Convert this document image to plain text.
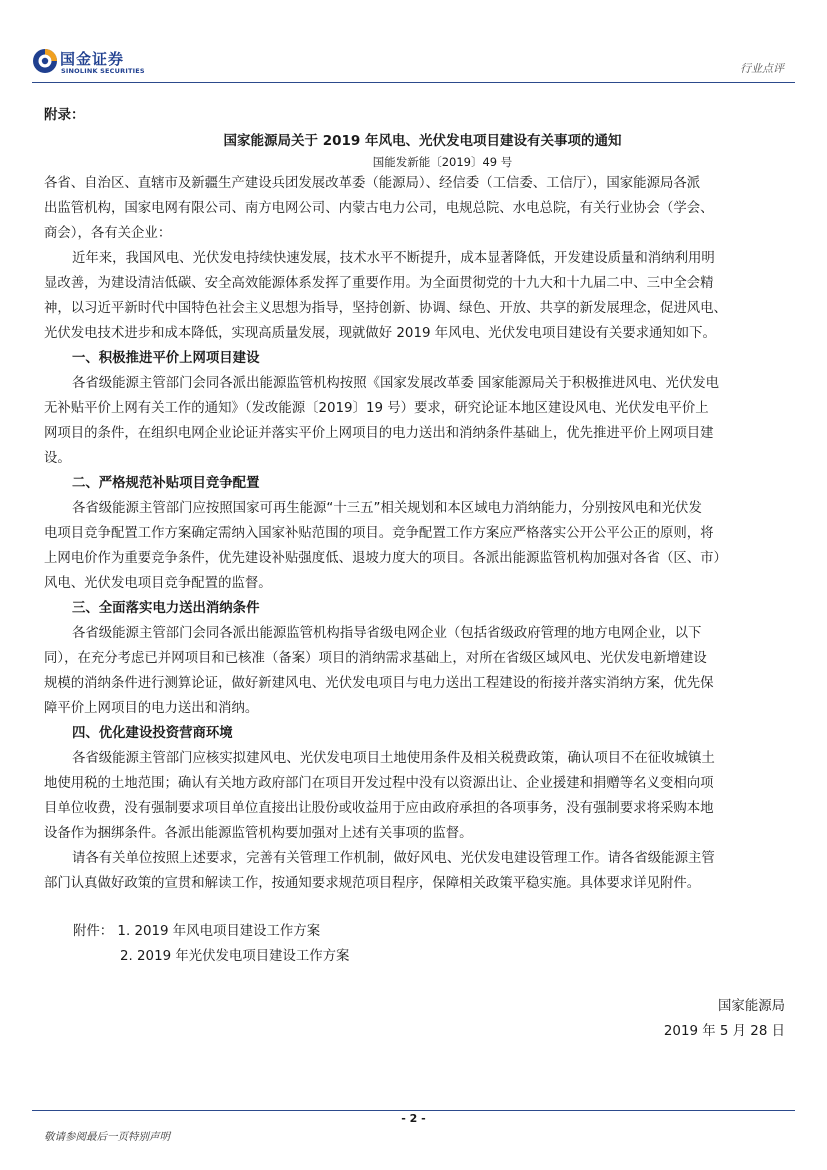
国金证券
SINOLINK SECURITIES	行业点评
附录：
国家能源局关于 2019 年风电、光伏发电项目建设有关事项的通知
国能发新能〔2019〕49 号
各省、自治区、直辖市及新疆生产建设兵团发展改革委（能源局）、经信委（工信委、工信厅），国家能源局各派
出监管机构，国家电网有限公司、南方电网公司、内蒙古电力公司，电规总院、水电总院，有关行业协会（学会、
商会），各有关企业：
近年来，我国风电、光伏发电持续快速发展，技术水平不断提升，成本显著降低，开发建设质量和消纳利用明
显改善，为建设清洁低碳、安全高效能源体系发挥了重要作用。为全面贯彻党的十九大和十九届二中、三中全会精
神，以习近平新时代中国特色社会主义思想为指导，坚持创新、协调、绿色、开放、共享的新发展理念，促进风电、
光伏发电技术进步和成本降低，实现高质量发展，现就做好 2019 年风电、光伏发电项目建设有关要求通知如下。
一、积极推进平价上网项目建设
各省级能源主管部门会同各派出能源监管机构按照《国家发展改革委 国家能源局关于积极推进风电、光伏发电
无补贴平价上网有关工作的通知》（发改能源〔2019〕19 号）要求，研究论证本地区建设风电、光伏发电平价上
网项目的条件，在组织电网企业论证并落实平价上网项目的电力送出和消纳条件基础上，优先推进平价上网项目建
设。
二、严格规范补贴项目竞争配置
各省级能源主管部门应按照国家可再生能源“十三五”相关规划和本区域电力消纳能力，分别按风电和光伏发
电项目竞争配置工作方案确定需纳入国家补贴范围的项目。竞争配置工作方案应严格落实公开公平公正的原则，将
上网电价作为重要竞争条件，优先建设补贴强度低、退坡力度大的项目。各派出能源监管机构加强对各省（区、市）
风电、光伏发电项目竞争配置的监督。
三、全面落实电力送出消纳条件
各省级能源主管部门会同各派出能源监管机构指导省级电网企业（包括省级政府管理的地方电网企业，以下
同），在充分考虑已并网项目和已核准（备案）项目的消纳需求基础上，对所在省级区域风电、光伏发电新增建设
规模的消纳条件进行测算论证，做好新建风电、光伏发电项目与电力送出工程建设的衔接并落实消纳方案，优先保
障平价上网项目的电力送出和消纳。
四、优化建设投资营商环境
各省级能源主管部门应核实拟建风电、光伏发电项目土地使用条件及相关税费政策，确认项目不在征收城镇土
地使用税的土地范围；确认有关地方政府部门在项目开发过程中没有以资源出让、企业援建和捐赠等名义变相向项
目单位收费，没有强制要求项目单位直接出让股份或收益用于应由政府承担的各项事务，没有强制要求将采购本地
设备作为捆绑条件。各派出能源监管机构要加强对上述有关事项的监督。
请各有关单位按照上述要求，完善有关管理工作机制，做好风电、光伏发电建设管理工作。请各省级能源主管
部门认真做好政策的宣贯和解读工作，按通知要求规范项目程序，保障相关政策平稳实施。具体要求详见附件。
附件： 1. 2019 年风电项目建设工作方案
2. 2019 年光伏发电项目建设工作方案
国家能源局
2019 年 5 月 28 日
- 2 -
敬请参阅最后一页特别声明
